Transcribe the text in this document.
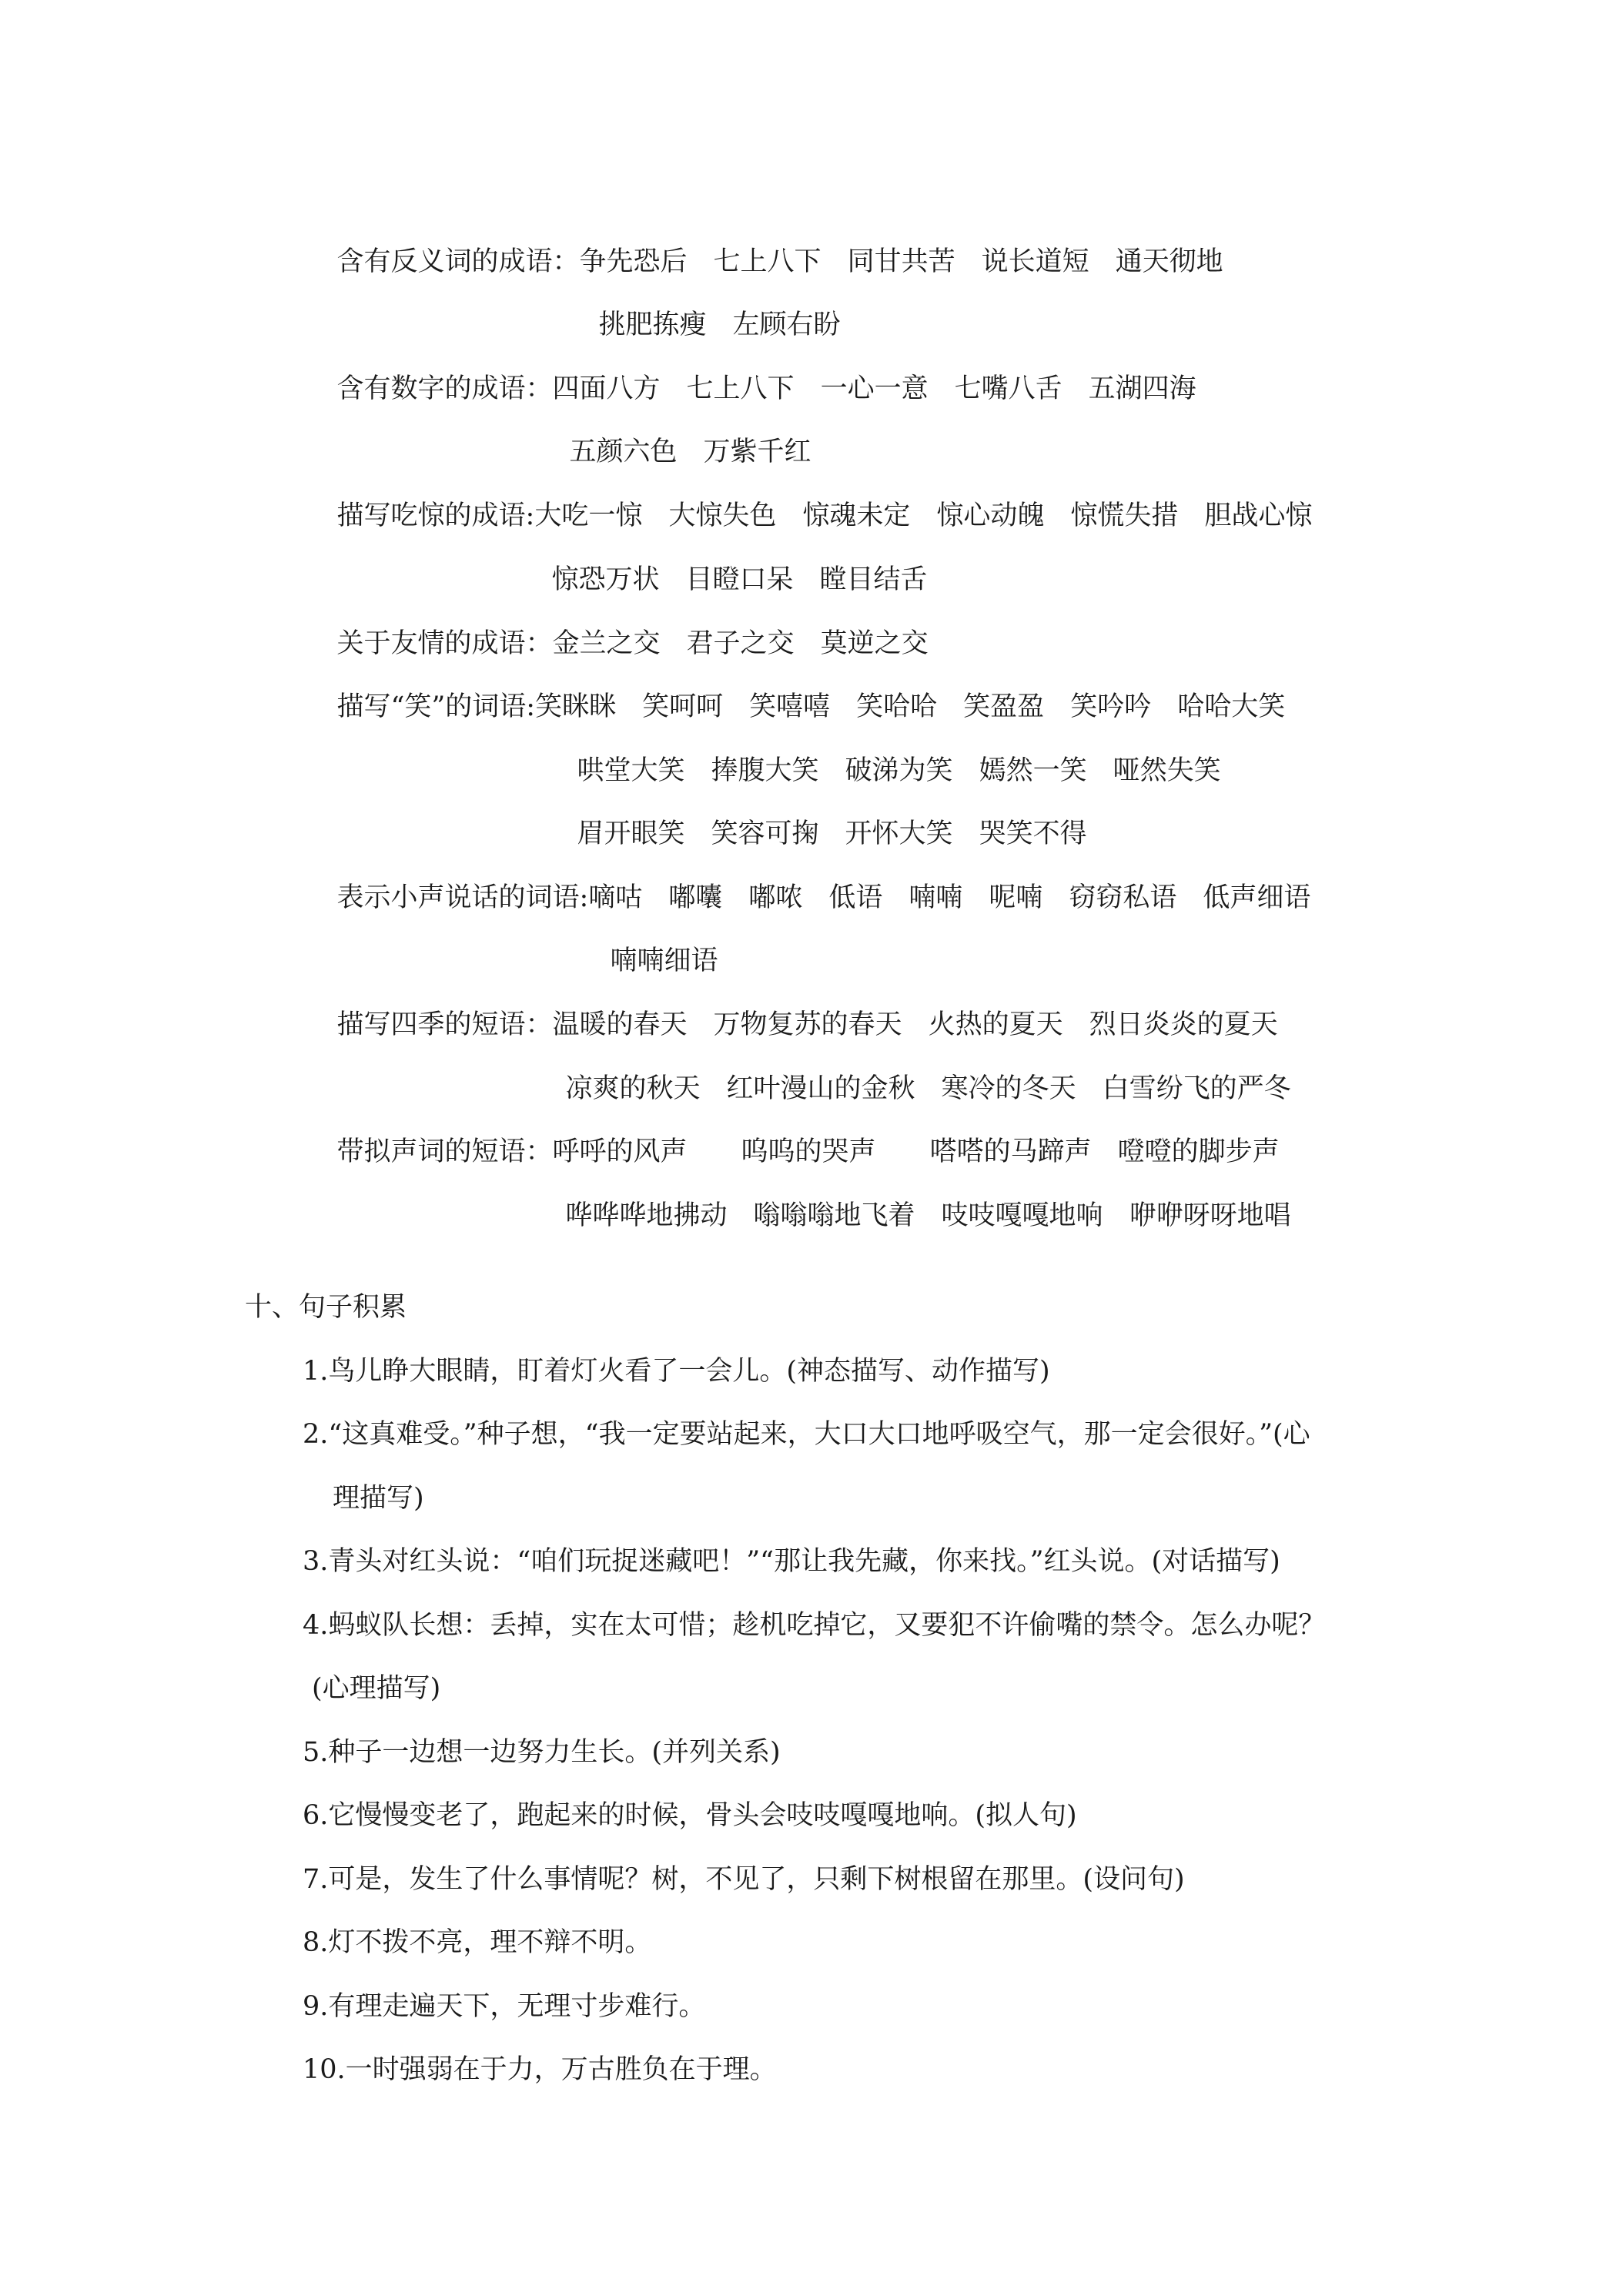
含有反义词的成语：争先恐后 七上八下 同甘共苦 说长道短 通天彻地

挑肥拣瘦 左顾右盼

含有数字的成语：四面八方 七上八下 一心一意 七嘴八舌 五湖四海

五颜六色 万紫千红

描写吃惊的成语:大吃一惊 大惊失色 惊魂未定 惊心动魄 惊慌失措 胆战心惊

惊恐万状 目瞪口呆 瞠目结舌

关于友情的成语：金兰之交 君子之交 莫逆之交

描写“笑”的词语:笑眯眯 笑呵呵 笑嘻嘻 笑哈哈 笑盈盈 笑吟吟 哈哈大笑

哄堂大笑 捧腹大笑 破涕为笑 嫣然一笑 哑然失笑

眉开眼笑 笑容可掬 开怀大笑 哭笑不得

表示小声说话的词语:嘀咕 嘟囔 嘟哝 低语 喃喃 呢喃 窃窃私语 低声细语

喃喃细语

描写四季的短语：温暖的春天 万物复苏的春天 火热的夏天 烈日炎炎的夏天

凉爽的秋天 红叶漫山的金秋 寒冷的冬天 白雪纷飞的严冬

带拟声词的短语：呼呼的风声 呜呜的哭声 嗒嗒的马蹄声 噔噔的脚步声

哗哗哗地拂动 嗡嗡嗡地飞着 吱吱嘎嘎地响 咿咿呀呀地唱

十、句子积累
1.鸟儿睁大眼睛，盯着灯火看了一会儿。(神态描写、动作描写)
2.“这真难受。”种子想，“我一定要站起来，大口大口地呼吸空气，那一定会很好。”(心
理描写)
3.青头对红头说：“咱们玩捉迷藏吧！”“那让我先藏，你来找。”红头说。(对话描写)
4.蚂蚁队长想：丢掉，实在太可惜；趁机吃掉它，又要犯不许偷嘴的禁令。怎么办呢？
(心理描写)
5.种子一边想一边努力生长。(并列关系)
6.它慢慢变老了，跑起来的时候，骨头会吱吱嘎嘎地响。(拟人句)
7.可是，发生了什么事情呢？树，不见了，只剩下树根留在那里。(设问句)
8.灯不拨不亮，理不辩不明。
9.有理走遍天下，无理寸步难行。
10.一时强弱在于力，万古胜负在于理。
